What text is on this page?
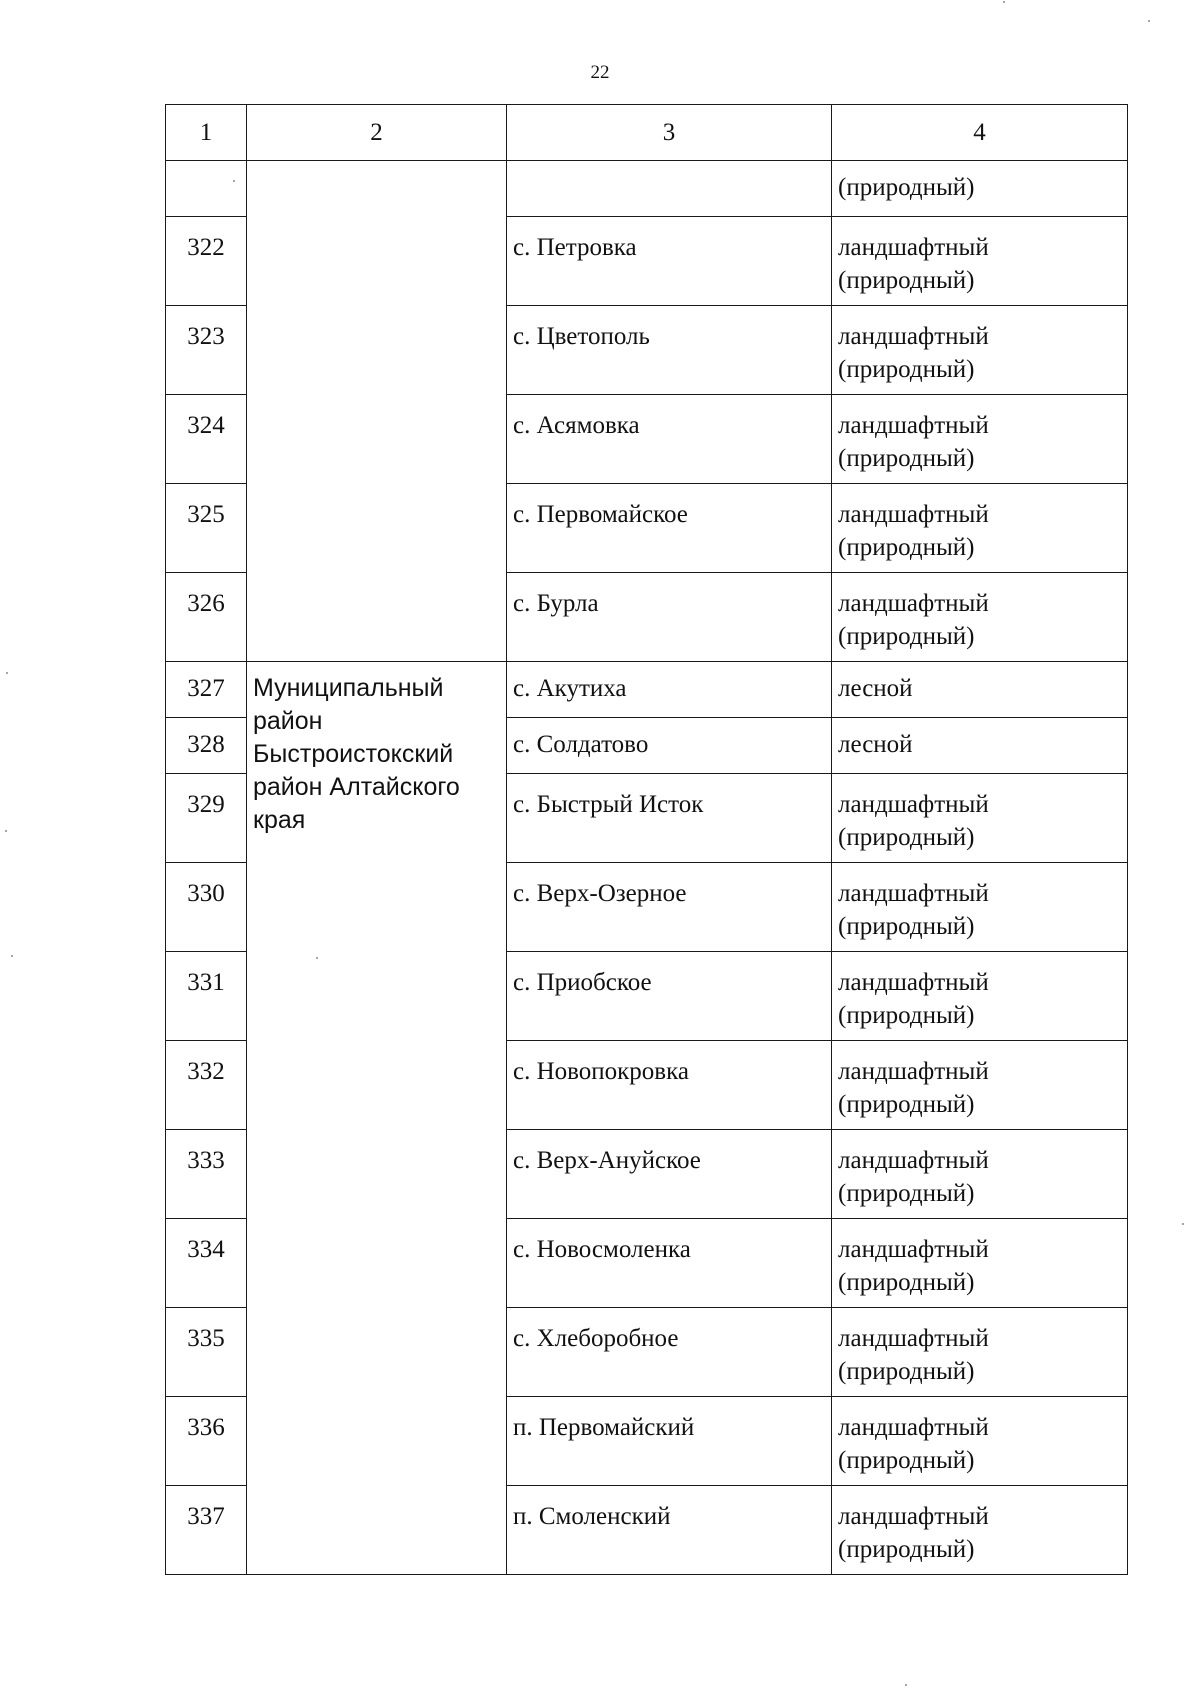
22
1	2	3	4
			(природный)
322		с. Петровка	ландшафтный (природный)
323		с. Цветополь	ландшафтный (природный)
324		с. Асямовка	ландшафтный (природный)
325		с. Первомайское	ландшафтный (природный)
326		с. Бурла	ландшафтный (природный)
327	Муниципальный район Быстроистокский район Алтайского края	с. Акутиха	лесной
328		с. Солдатово	лесной
329		с. Быстрый Исток	ландшафтный (природный)
330		с. Верх-Озерное	ландшафтный (природный)
331		с. Приобское	ландшафтный (природный)
332		с. Новопокровка	ландшафтный (природный)
333		с. Верх-Ануйское	ландшафтный (природный)
334		с. Новосмоленка	ландшафтный (природный)
335		с. Хлеборобное	ландшафтный (природный)
336		п. Первомайский	ландшафтный (природный)
337		п. Смоленский	ландшафтный (природный)
